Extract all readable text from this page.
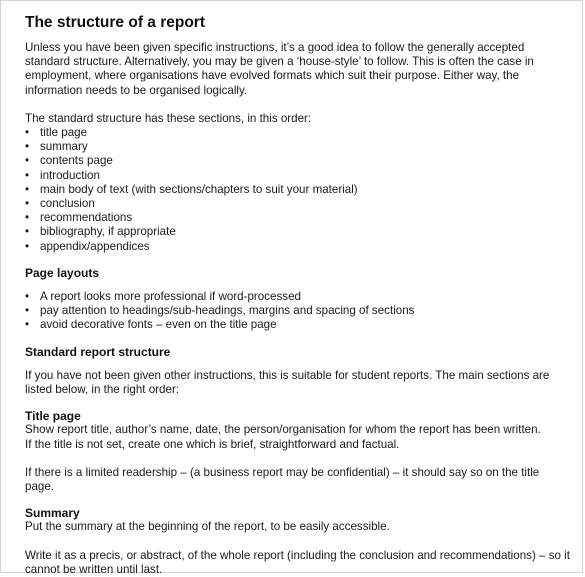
The structure of a report

Unless you have been given specific instructions, it’s a good idea to follow the generally accepted standard structure. Alternatively, you may be given a ‘house-style’ to follow. This is often the case in employment, where organisations have evolved formats which suit their purpose. Either way, the information needs to be organised logically.

The standard structure has these sections, in this order:

• title page
• summary
• contents page
• introduction
• main body of text (with sections/chapters to suit your material)
• conclusion
• recommendations
• bibliography, if appropriate
• appendix/appendices
Page layouts
• A report looks more professional if word-processed
• pay attention to headings/sub-headings, margins and spacing of sections
• avoid decorative fonts – even on the title page
Standard report structure

If you have not been given other instructions, this is suitable for student reports. The main sections are listed below, in the right order:

Title page

Show report title, author’s name, date, the person/organisation for whom the report has been written.

If the title is not set, create one which is brief, straightforward and factual.

If there is a limited readership – (a business report may be confidential) – it should say so on the title page.

Summary

Put the summary at the beginning of the report, to be easily accessible.

Write it as a precis, or abstract, of the whole report (including the conclusion and recommendations) – so it cannot be written until last.
